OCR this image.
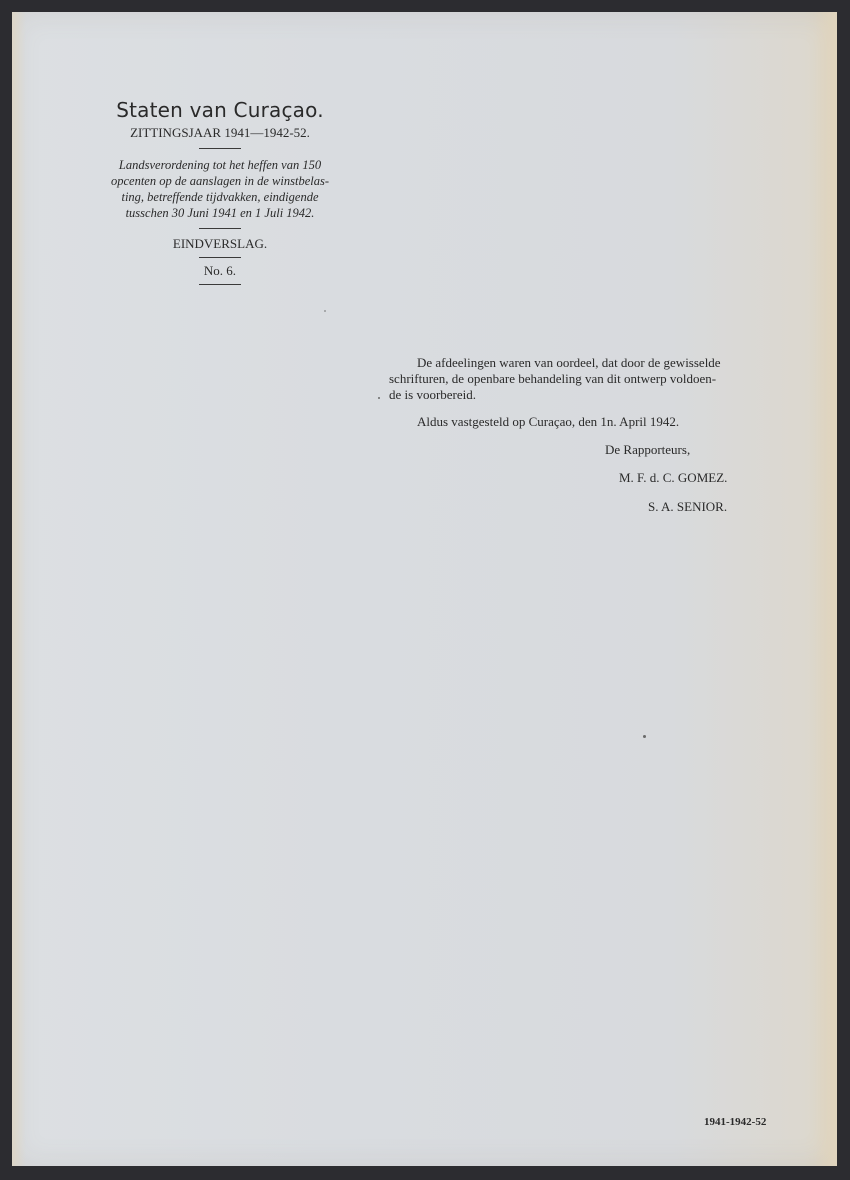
Staten van Curaçao.
ZITTINGSJAAR 1941—1942-52.
Landsverordening tot het heffen van 150
opcenten op de aanslagen in de winstbelas-
ting, betreffende tijdvakken, eindigende
tusschen 30 Juni 1941 en 1 Juli 1942.
EINDVERSLAG.
No. 6.
De afdeelingen waren van oordeel, dat door de gewisselde
schrifturen, de openbare behandeling van dit ontwerp voldoen-
de is voorbereid.
Aldus vastgesteld op Curaçao, den 1n. April 1942.
De Rapporteurs,
M. F. d. C. GOMEZ.
S. A. SENIOR.
1941-1942-52
